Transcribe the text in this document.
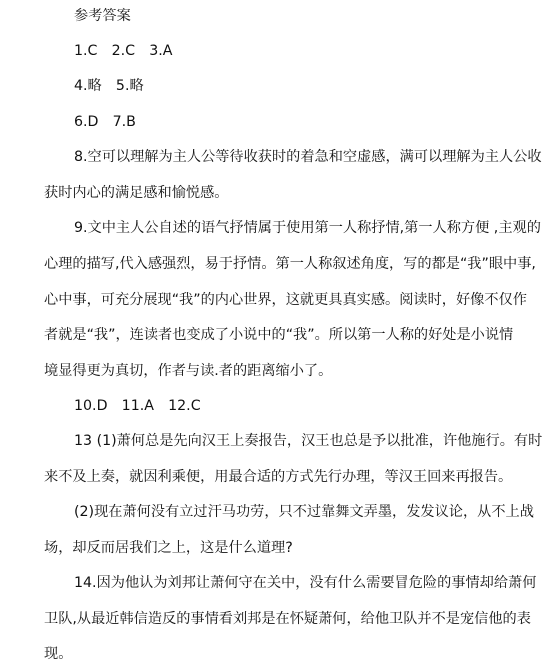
参考答案
1.C　2.C　3.A
4.略　5.略
6.D　7.B
8.空可以理解为主人公等待收获时的着急和空虚感，满可以理解为主人公收
获时内心的满足感和愉悦感。
9.文中主人公自述的语气抒情属于使用第一人称抒情,第一人称方便 ,主观的
心理的描写,代入感强烈，易于抒情。第一人称叙述角度，写的都是“我”眼中事,
心中事，可充分展现“我”的内心世界，这就更具真实感。阅读时，好像不仅作
者就是“我”，连读者也变成了小说中的“我”。所以第一人称的好处是小说情
境显得更为真切，作者与读.者的距离缩小了。
10.D　11.A　12.C
13 (1)萧何总是先向汉王上奏报告，汉王也总是予以批准，许他施行。有时
来不及上奏，就因利乘便，用最合适的方式先行办理，等汉王回来再报告。
(2)现在萧何没有立过汗马功劳，只不过靠舞文弄墨，发发议论，从不上战
场，却反而居我们之上，这是什么道理?
14.因为他认为刘邦让萧何守在关中，没有什么需要冒危险的事情却给萧何
卫队,从最近韩信造反的事情看刘邦是在怀疑萧何，给他卫队并不是宠信他的表
现。
